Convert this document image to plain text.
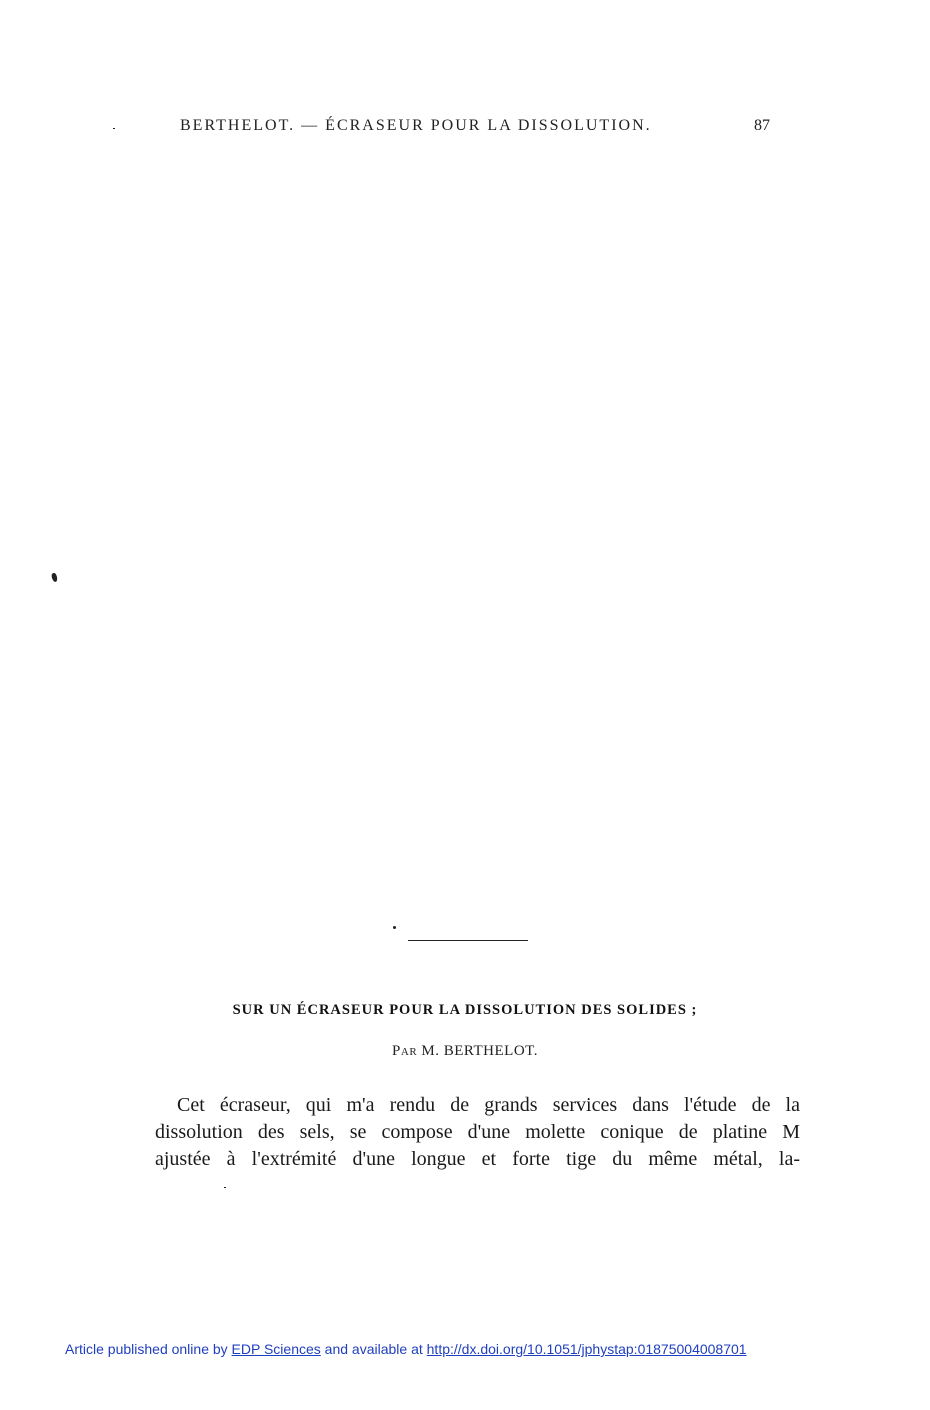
BERTHELOT. — ÉCRASEUR POUR LA DISSOLUTION.	87
SUR UN ÉCRASEUR POUR LA DISSOLUTION DES SOLIDES ;
Par M. BERTHELOT.
Cet écraseur, qui m'a rendu de grands services dans l'étude de la
dissolution des sels, se compose d'une molette conique de platine M
ajustée à l'extrémité d'une longue et forte tige du même métal, la-
Article published online by EDP Sciences and available at http://dx.doi.org/10.1051/jphystap:01875004008701
